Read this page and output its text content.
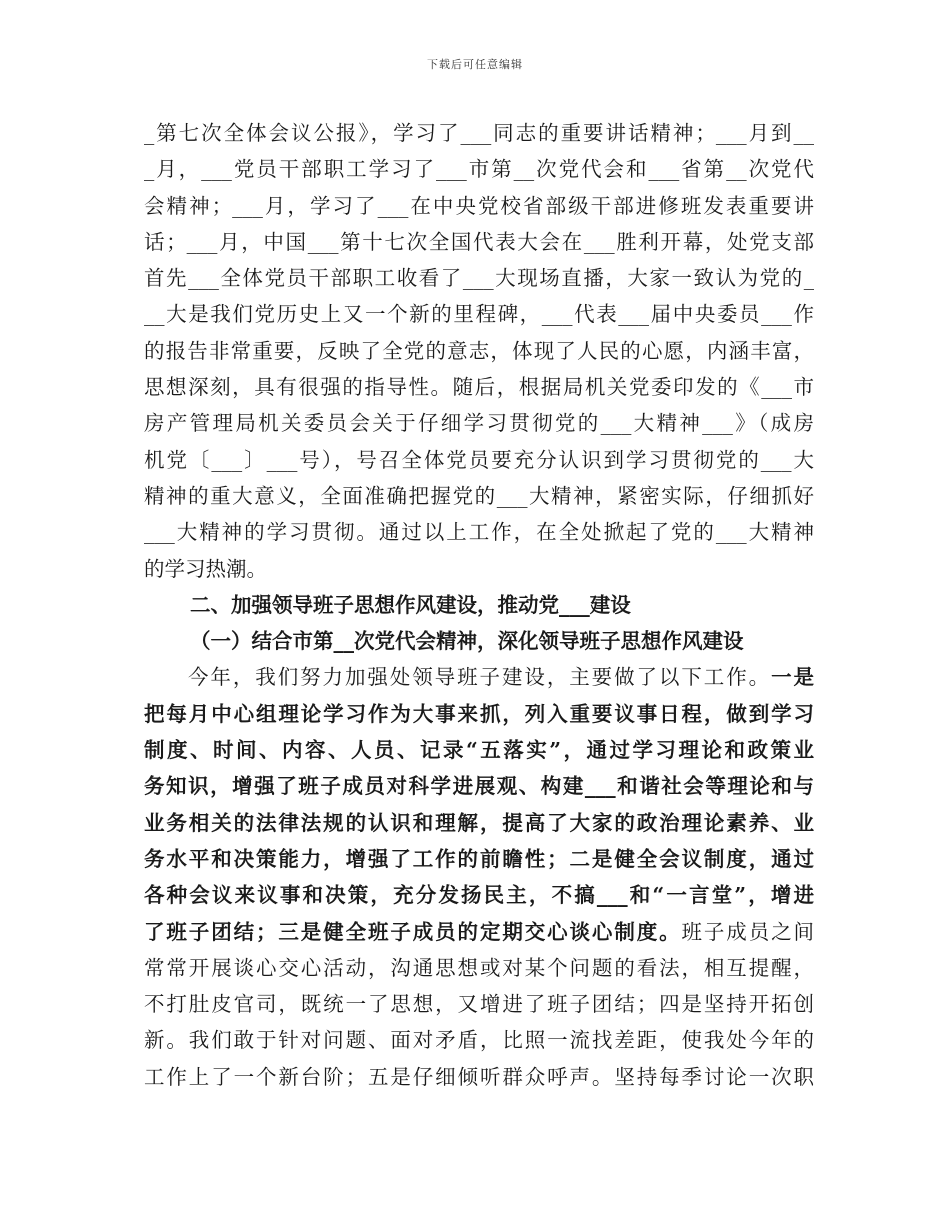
下载后可任意编辑
_第七次全体会议公报》，学习了___同志的重要讲话精神；___月到__
_月，___党员干部职工学习了___市第__次党代会和___省第__次党代
会精神；___月，学习了___在中央党校省部级干部进修班发表重要讲
话；___月，中国___第十七次全国代表大会在___胜利开幕，处党支部
首先___全体党员干部职工收看了___大现场直播，大家一致认为党的_
__大是我们党历史上又一个新的里程碑，___代表___届中央委员___作
的报告非常重要，反映了全党的意志，体现了人民的心愿，内涵丰富，
思想深刻，具有很强的指导性。随后，根据局机关党委印发的《___市
房产管理局机关委员会关于仔细学习贯彻党的___大精神___》（成房
机党〔___〕___号），号召全体党员要充分认识到学习贯彻党的___大
精神的重大意义，全面准确把握党的___大精神，紧密实际，仔细抓好
___大精神的学习贯彻。通过以上工作，在全处掀起了党的___大精神
的学习热潮。
二、加强领导班子思想作风建设，推动党___建设
（一）结合市第__次党代会精神，深化领导班子思想作风建设
今年，我们努力加强处领导班子建设，主要做了以下工作。一是
把每月中心组理论学习作为大事来抓，列入重要议事日程，做到学习
制度、时间、内容、人员、记录“五落实”，通过学习理论和政策业
务知识，增强了班子成员对科学进展观、构建___和谐社会等理论和与
业务相关的法律法规的认识和理解，提高了大家的政治理论素养、业
务水平和决策能力，增强了工作的前瞻性；二是健全会议制度，通过
各种会议来议事和决策，充分发扬民主，不搞___和“一言堂”，增进
了班子团结；三是健全班子成员的定期交心谈心制度。班子成员之间
常常开展谈心交心活动，沟通思想或对某个问题的看法，相互提醒，
不打肚皮官司，既统一了思想，又增进了班子团结；四是坚持开拓创
新。我们敢于针对问题、面对矛盾，比照一流找差距，使我处今年的
工作上了一个新台阶；五是仔细倾听群众呼声。坚持每季讨论一次职
